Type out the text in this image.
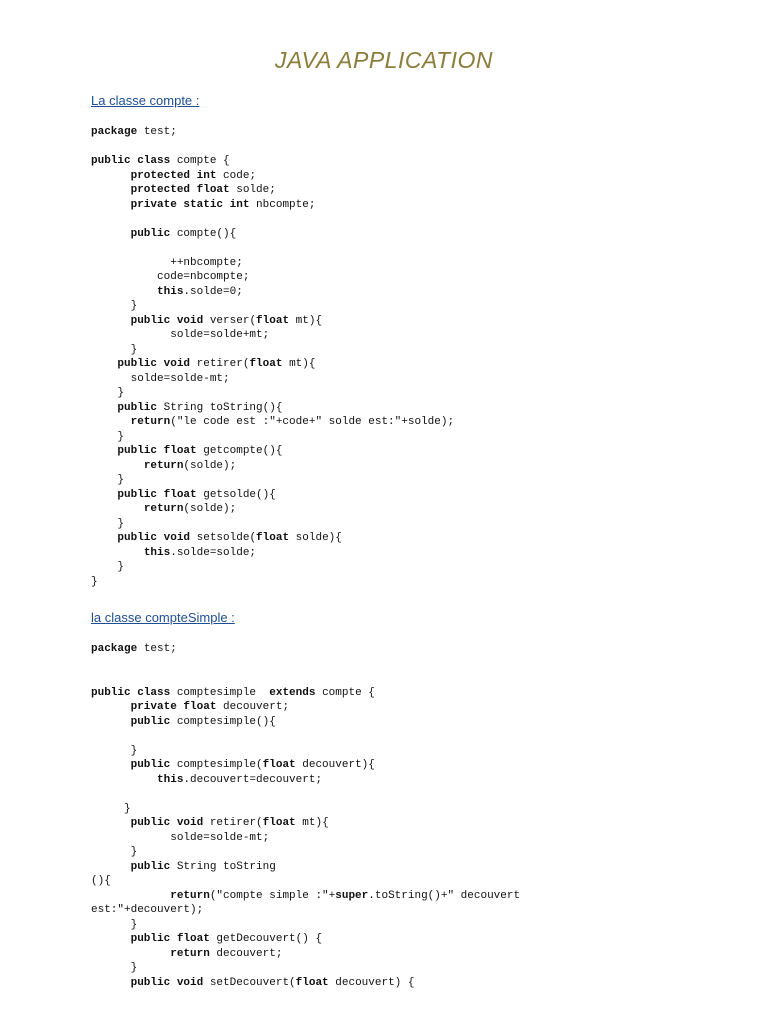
JAVA APPLICATION
La classe compte :
package test;

public class compte {
protected int code;
protected float solde;
private static int nbcompte;

public compte(){

++nbcompte;
code=nbcompte;
this.solde=0;
}
public void verser(float mt){
solde=solde+mt;
}
public void retirer(float mt){
solde=solde-mt;
}
public String toString(){
return("le code est :"+code+" solde est:"+solde);
}
public float getcompte(){
return(solde);
}
public float getsolde(){
return(solde);
}
public void setsolde(float solde){
this.solde=solde;
}
}
la classe compteSimple :
package test;

public class comptesimple  extends compte {
private float decouvert;
public comptesimple(){

}
public comptesimple(float decouvert){
this.decouvert=decouvert;

}
public void retirer(float mt){
solde=solde-mt;
}
public String toString
(){
return("compte simple :"+super.toString()+" decouvert
est:"+decouvert);
}
public float getDecouvert() {
return decouvert;
}
public void setDecouvert(float decouvert) {
